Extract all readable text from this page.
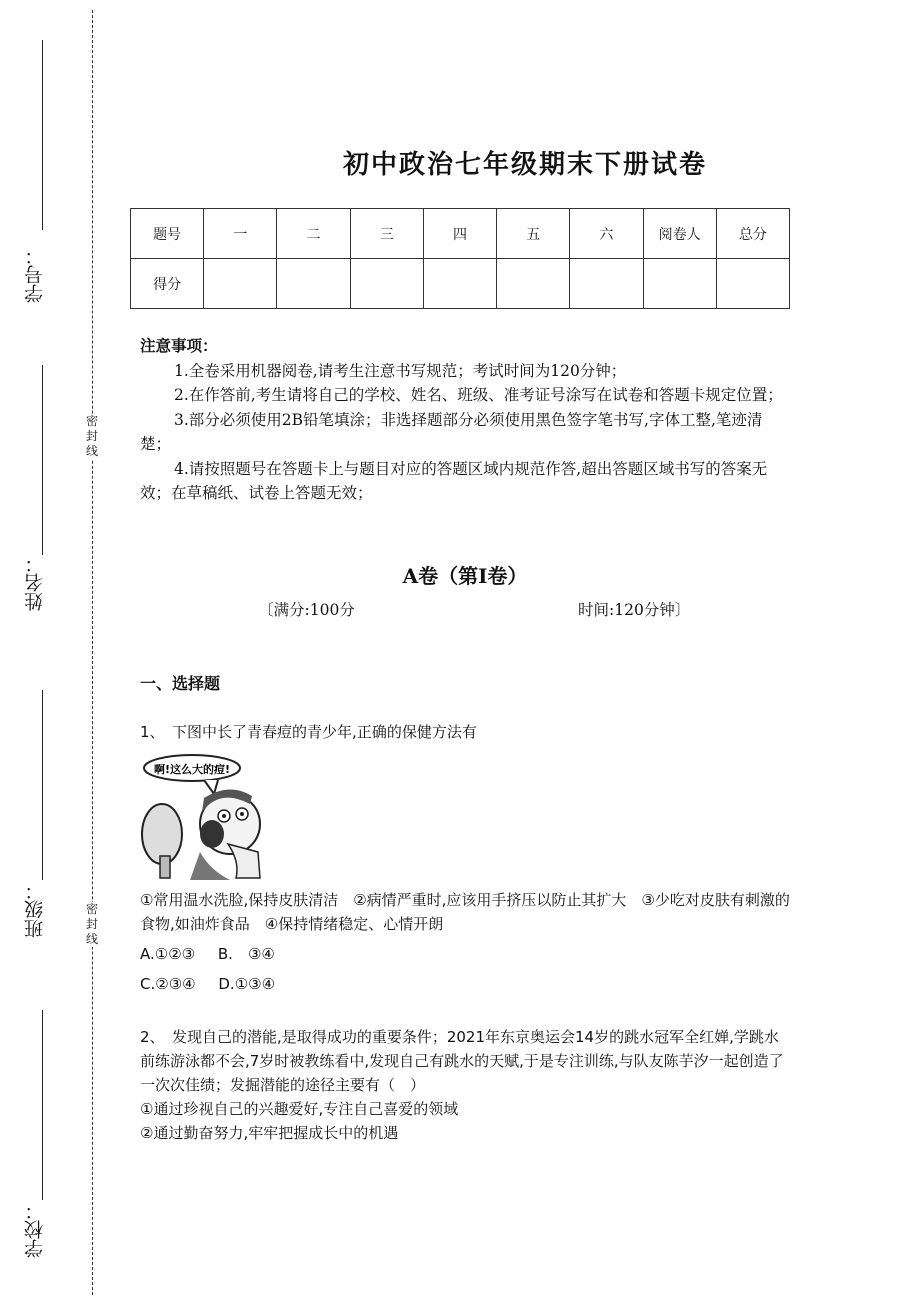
学号：
姓名：
班级：
学校：
密封线
密封线
初中政治七年级期末下册试卷
题号	一	二	三	四	五	六	阅卷人	总分
得分								
注意事项：

1.全卷采用机器阅卷,请考生注意书写规范；考试时间为120分钟；

2.在作答前,考生请将自己的学校、姓名、班级、准考证号涂写在试卷和答题卡规定位置；

3.部分必须使用2B铅笔填涂；非选择题部分必须使用黑色签字笔书写,字体工整,笔迹清楚；

4.请按照题号在答题卡上与题目对应的答题区域内规范作答,超出答题区域书写的答案无效；在草稿纸、试卷上答题无效；

A卷（第I卷）
〔满分:100分	时间:120分钟〕
一、选择题

1、　下图中长了青春痘的青少年,正确的保健方法有

啊!这么大的痘!

①常用温水洗脸,保持皮肤清洁　②病情严重时,应该用手挤压以防止其扩大　③少吃对皮肤有刺激的食物,如油炸食品　④保持情绪稳定、心情开朗

A.①②③ B.　③④

C.②③④ D.①③④

2、　发现自己的潜能,是取得成功的重要条件；2021年东京奥运会14岁的跳水冠军全红婵,学跳水前练游泳都不会,7岁时被教练看中,发现自己有跳水的天赋,于是专注训练,与队友陈芋汐一起创造了一次次佳绩；发掘潜能的途径主要有（　）

①通过珍视自己的兴趣爱好,专注自己喜爱的领域

②通过勤奋努力,牢牢把握成长中的机遇
